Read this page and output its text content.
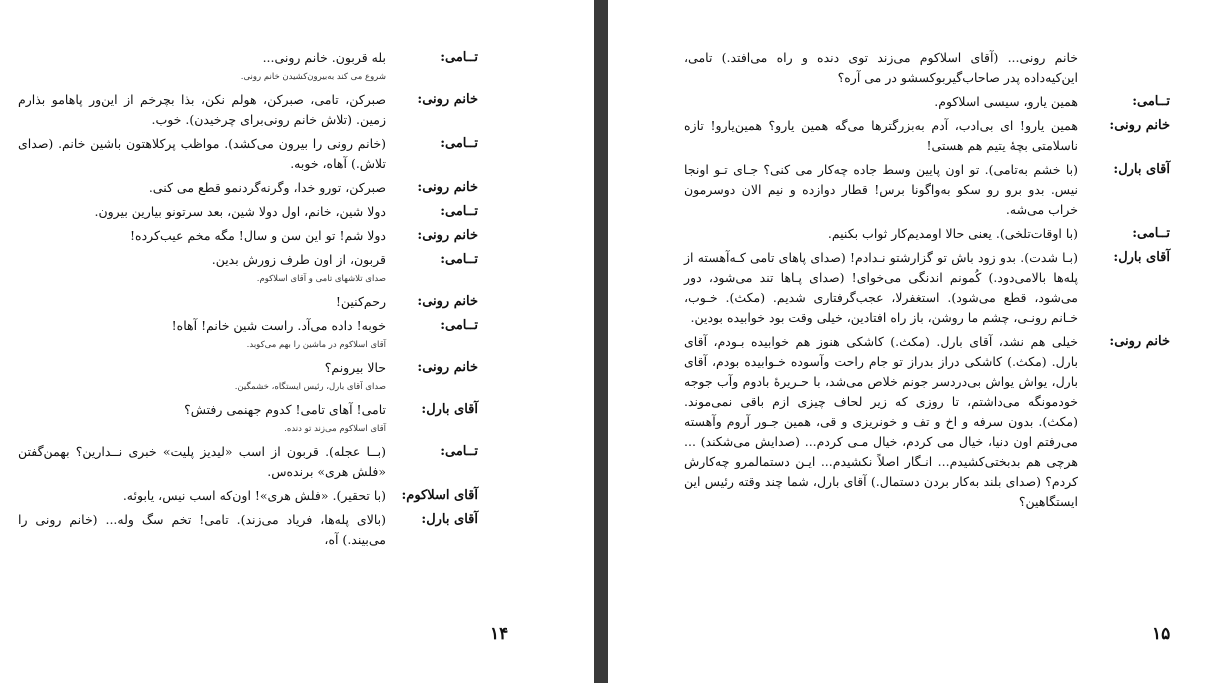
تــامی:
بله قربون. خانم رونی...
شروع می کند به‌بیرون‌کشیدن خانم رونی.
خانم رونی:
صبرکن، تامی، صبرکن، هولم نکن، بذا بچرخم از این‌ور پاهامو بذارم زمین. (تلاش خانم رونی‌برای چرخیدن). خوب.
تــامی:
(خانم رونی را بیرون می‌کشد). مواظب پرکلاهتون باشین خانم. (صدای تلاش.) آهاه، خوبه.
خانم رونی:
صبرکن، تورو خدا، وگرنه‌گردنمو قطع می کنی.
تــامی:
دولا شین، خانم، اول دولا شین، بعد سرتونو بیارین بیرون.
خانم رونی:
دولا شم! تو این سن و سال! مگه مخم عیب‌کرده!
تــامی:
قربون، از اون طرف زورش بدین.
صدای تلاشهای تامی و آقای اسلاکوم.
خانم رونی:
رحم‌کنین!
تــامی:
خوبه! داده می‌آد. راست شین خانم! آهاه!
آقای اسلاکوم در ماشین را بهم می‌کوبد.
خانم رونی:
حالا بیرونم؟
صدای آقای بارل، رئیس ایستگاه، خشمگین.
آقای بارل:
تامی! آهای تامی! کدوم جهنمی رفتش؟
آقای اسلاکوم می‌زند تو دنده.
تــامی:
(بــا عجله). قربون از اسب «لیدیز پلیت» خبری نــدارین؟ بهمن‌گفتن «فلش هری» برنده‌س.
آقای اسلاکوم:
(با تحقیر). «فلش هری»! اون‌که اسب نیس، یابوئه.
آقای بارل:
(بالای پله‌ها، فریاد می‌زند). تامی! تخم سگ وله... (خانم رونی را می‌بیند.) آه،
خانم رونی... (آقای اسلاکوم می‌زند توی دنده و راه می‌افتد.) تامی، این‌کیه‌داده پدر صاحاب‌گیربوکسشو در می آره؟
تــامی:
همین یارو، سیسی اسلاکوم.
خانم رونی:
همین یارو! ای بی‌ادب، آدم به‌بزرگترها می‌گه همین یارو؟ همین‌یارو! تازه ناسلامتی بچهٔ یتیم هم هستی!
آقای بارل:
(با خشم به‌تامی). تو اون پایین وسط جاده چه‌کار می کنی؟ جـای تـو اونجا نیس. بدو برو رو سکو به‌واگونا برس! قطار دوازده و نیم الان دوسرمون خراب می‌شه.
تــامی:
(با اوقات‌تلخی). یعنی حالا اومدیم‌کار ثواب بکنیم.
آقای بارل:
(بـا شدت). بدو زود باش تو گزارشتو نـدادم! (صدای پاهای تامی کـه‌آهسته از پله‌ها بالامی‌دود.) کُمونم اندنگی می‌خوای! (صدای پـاها تند می‌شود، دور می‌شود، قطع می‌شود). استغفرلا، عجب‌گرفتاری شدیم. (مکث). خـوب، خـانم رونـی، چشم ما روشن، باز راه افتادین، خیلی وقت بود خوابیده بودین.
خانم رونی:
خیلی هم نشد، آقای بارل. (مکث.) کاشکی هنوز هم خوابیده بـودم، آقای بارل. (مکث.) کاشکی دراز بدراز تو جام راحت وآسوده خـوابیده بودم، آقای بارل، یواش یواش بی‌دردسر جونم خلاص می‌شد، با حـریرهٔ بادوم وآب جوجه خودمونگه می‌داشتم، تا روزی که زیر لحاف چیزی ازم باقی نمی‌موند. (مکث). بدون سرفه و اخ و تف و خونریزی و قی، همین جـور آروم وآهسته می‌رفتم اون دنیا، خیال می کردم، خیال مـی کردم... (صدایش می‌شکند) ... هرچی هم بدبختی‌کشیدم... انـگار اصلاً نکشیدم... ایـن دستما‌لمرو چه‌کارش کردم؟ (صدای بلند به‌کار بردن دستمال.) آقای بارل، شما چند وقته رئیس این ایستگاهین؟
۱۴	۱۵
